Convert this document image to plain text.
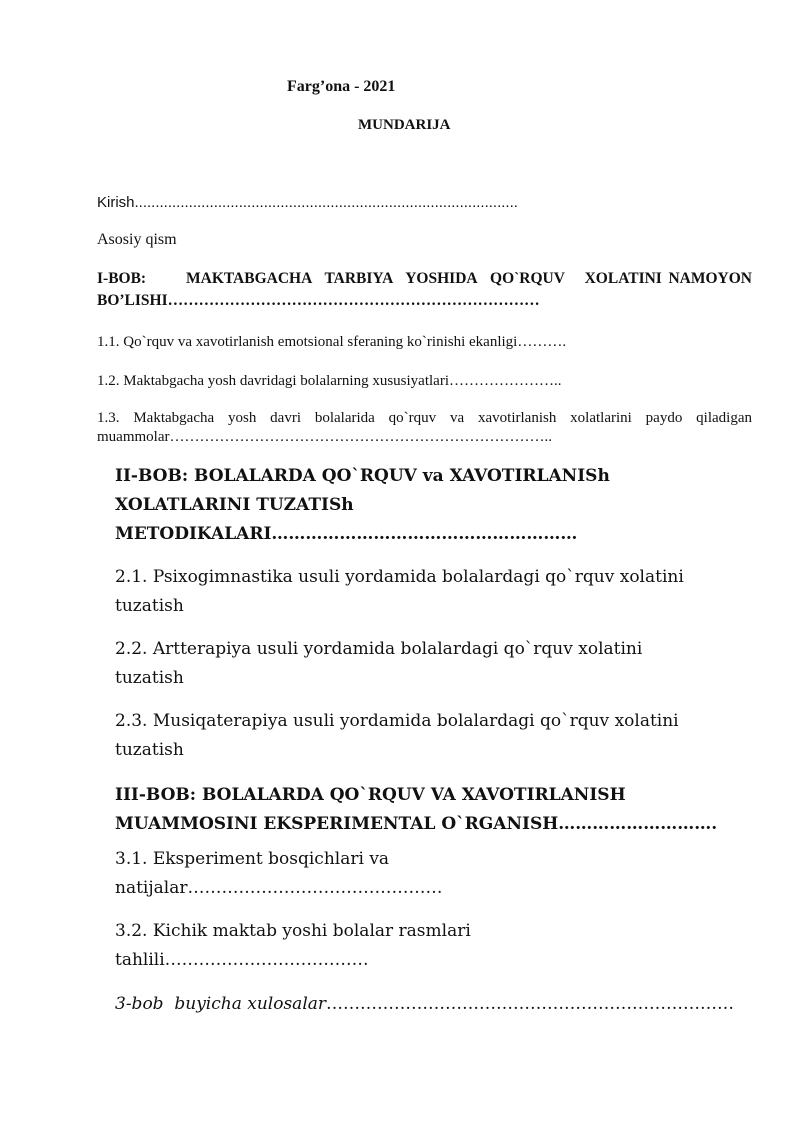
Farg’ona - 2021

MUNDARIJA

Kirish............................................................................................

Asosiy qism

I-BOB:      MAKTABGACHA  TARBIYA  YOSHIDA  QO`RQUV   XOLATINI NAMOYON BO’LISHI………………………………………………………………

1.1. Qo`rquv va xavotirlanish emotsional sferaning ko`rinishi ekanligi……….

1.2. Maktabgacha yosh davridagi bolalarning xususiyatlari…………………..

1.3. Maktabgacha yosh davri bolalarida qo`rquv va xavotirlanish xolatlarini paydo qiladigan muammolar…………………………………………………………………..

II-BOB: BOLALARDA QO`RQUV va XAVOTIRLANISh
XOLATLARINI TUZATISh
METODIKALARI………………………………………………

2.1. Psixogimnastika usuli yordamida bolalardagi qo`rquv xolatini tuzatish

2.2. Artterapiya usuli yordamida bolalardagi qo`rquv xolatini tuzatish

2.3. Musiqaterapiya usuli yordamida bolalardagi qo`rquv xolatini tuzatish

III-BOB: BOLALARDA QO`RQUV VA XAVOTIRLANISH
MUAMMOSINI EKSPERIMENTAL O`RGANISH……………………….
3.1. Eksperiment bosqichlari va
natijalar………………………………………
3.2. Kichik maktab yoshi bolalar rasmlari
tahlili………………………………

3-bob  buyicha xulosalar………………………………………………………………
